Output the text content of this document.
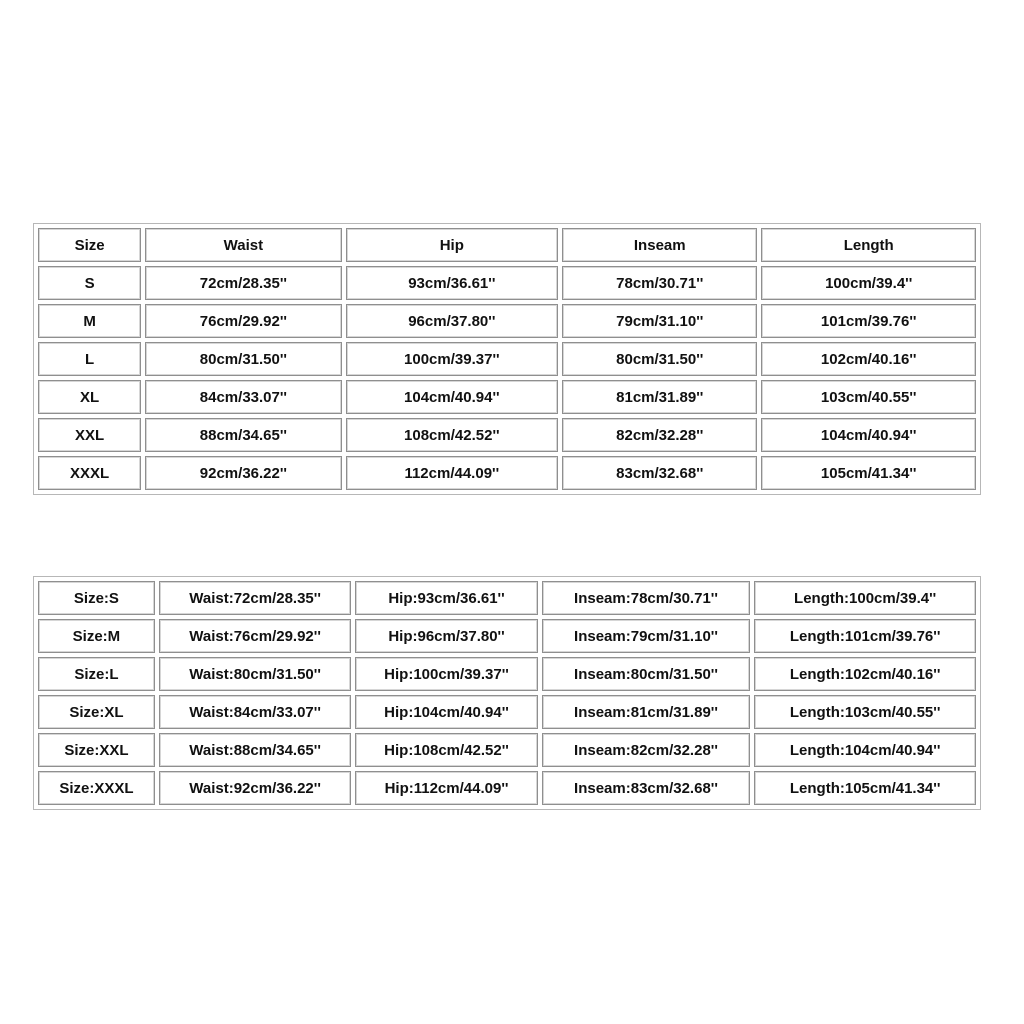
Size	Waist	Hip	Inseam	Length
S	72cm/28.35''	93cm/36.61''	78cm/30.71''	100cm/39.4''
M	76cm/29.92''	96cm/37.80''	79cm/31.10''	101cm/39.76''
L	80cm/31.50''	100cm/39.37''	80cm/31.50''	102cm/40.16''
XL	84cm/33.07''	104cm/40.94''	81cm/31.89''	103cm/40.55''
XXL	88cm/34.65''	108cm/42.52''	82cm/32.28''	104cm/40.94''
XXXL	92cm/36.22''	112cm/44.09''	83cm/32.68''	105cm/41.34''
Size:S	Waist:72cm/28.35''	Hip:93cm/36.61''	Inseam:78cm/30.71''	Length:100cm/39.4''
Size:M	Waist:76cm/29.92''	Hip:96cm/37.80''	Inseam:79cm/31.10''	Length:101cm/39.76''
Size:L	Waist:80cm/31.50''	Hip:100cm/39.37''	Inseam:80cm/31.50''	Length:102cm/40.16''
Size:XL	Waist:84cm/33.07''	Hip:104cm/40.94''	Inseam:81cm/31.89''	Length:103cm/40.55''
Size:XXL	Waist:88cm/34.65''	Hip:108cm/42.52''	Inseam:82cm/32.28''	Length:104cm/40.94''
Size:XXXL	Waist:92cm/36.22''	Hip:112cm/44.09''	Inseam:83cm/32.68''	Length:105cm/41.34''
